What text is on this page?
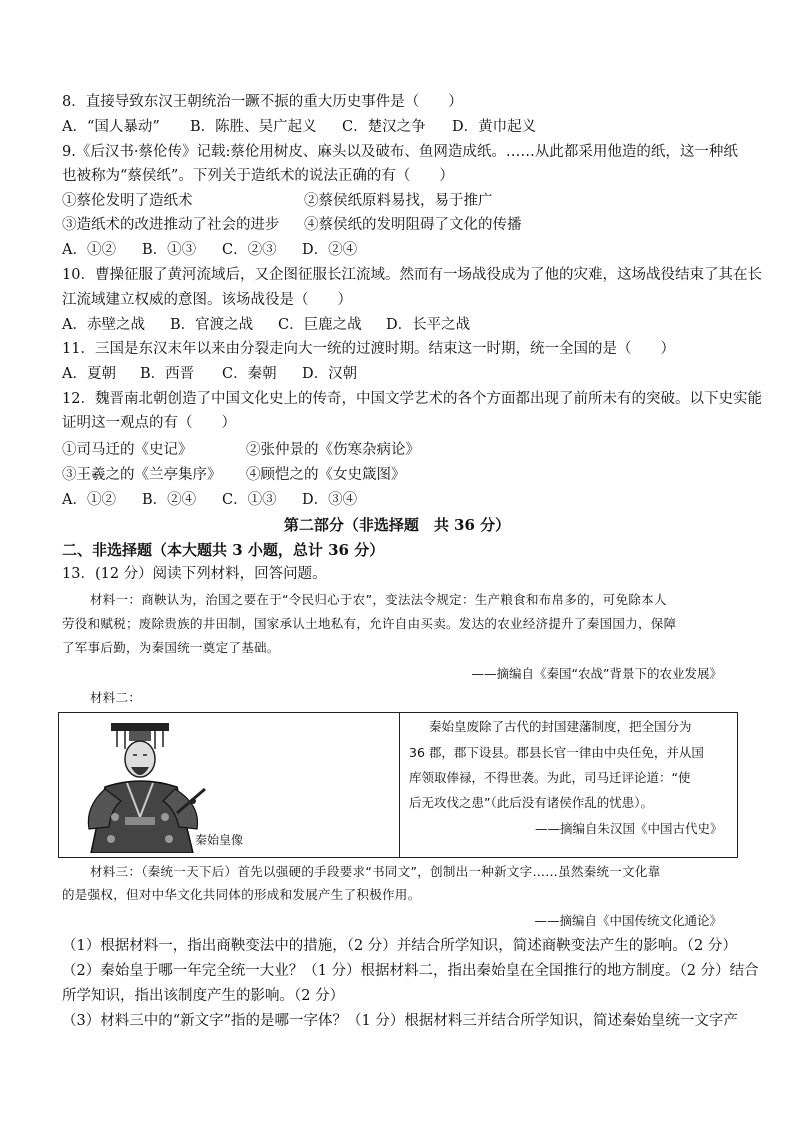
8．直接导致东汉王朝统治一蹶不振的重大历史事件是（　　）
A．“国人暴动” B．陈胜、吴广起义 C．楚汉之争 D．黄巾起义
9.《后汉书·蔡伦传》记载:蔡伦用树皮、麻头以及破布、鱼网造成纸。……从此都采用他造的纸，这一种纸
也被称为“蔡侯纸”。下列关于造纸术的说法正确的有（　　）
①蔡伦发明了造纸术	②蔡侯纸原料易找，易于推广
③造纸术的改进推动了社会的进步 ④蔡侯纸的发明阻碍了文化的传播
A．①② B．①③ C．②③ D．②④
10．曹操征服了黄河流域后，又企图征服长江流域。然而有一场战役成为了他的灾难，这场战役结束了其在长
江流域建立权威的意图。该场战役是（　　）
A．赤壁之战 B．官渡之战 C．巨鹿之战 D．长平之战
11．三国是东汉末年以来由分裂走向大一统的过渡时期。结束这一时期，统一全国的是（　　）
A．夏朝 B．西晋 C．秦朝 D．汉朝
12．魏晋南北朝创造了中国文化史上的传奇，中国文学艺术的各个方面都出现了前所未有的突破。以下史实能
证明这一观点的有（　　）
①司马迁的《史记》	②张仲景的《伤寒杂病论》
③王羲之的《兰亭集序》 ④顾恺之的《女史箴图》
A．①② B．②④ C．①③ D．③④
第二部分（非选择题　共 36 分）
二、非选择题（本大题共 3 小题，总计 36 分）
13．(12 分）阅读下列材料，回答问题。
材料一：商鞅认为，治国之要在于“令民归心于农”，变法法令规定：生产粮食和布帛多的，可免除本人
劳役和赋税；废除贵族的井田制，国家承认土地私有，允许自由买卖。发达的农业经济提升了秦国国力，保障
了军事后勤，为秦国统一奠定了基础。
——摘编自《秦国“农战”背景下的农业发展》
材料二：
秦始皇像
秦始皇废除了古代的封国建藩制度，把全国分为
36 郡，郡下设县。郡县长官一律由中央任免，并从国
库领取俸禄，不得世袭。为此，司马迁评论道：“使
后无攻伐之患”（此后没有诸侯作乱的忧患）。
——摘编自朱汉国《中国古代史》
材料三：（秦统一天下后）首先以强硬的手段要求“书同文”，创制出一种新文字……虽然秦统一文化靠
的是强权，但对中华文化共同体的形成和发展产生了积极作用。
——摘编自《中国传统文化通论》
（1）根据材料一，指出商鞅变法中的措施，（2 分）并结合所学知识，简述商鞅变法产生的影响。（2 分）
（2）秦始皇于哪一年完全统一大业？（1 分）根据材料二，指出秦始皇在全国推行的地方制度。（2 分）结合
所学知识，指出该制度产生的影响。（2 分）
（3）材料三中的“新文字”指的是哪一字体？（1 分）根据材料三并结合所学知识，简述秦始皇统一文字产
